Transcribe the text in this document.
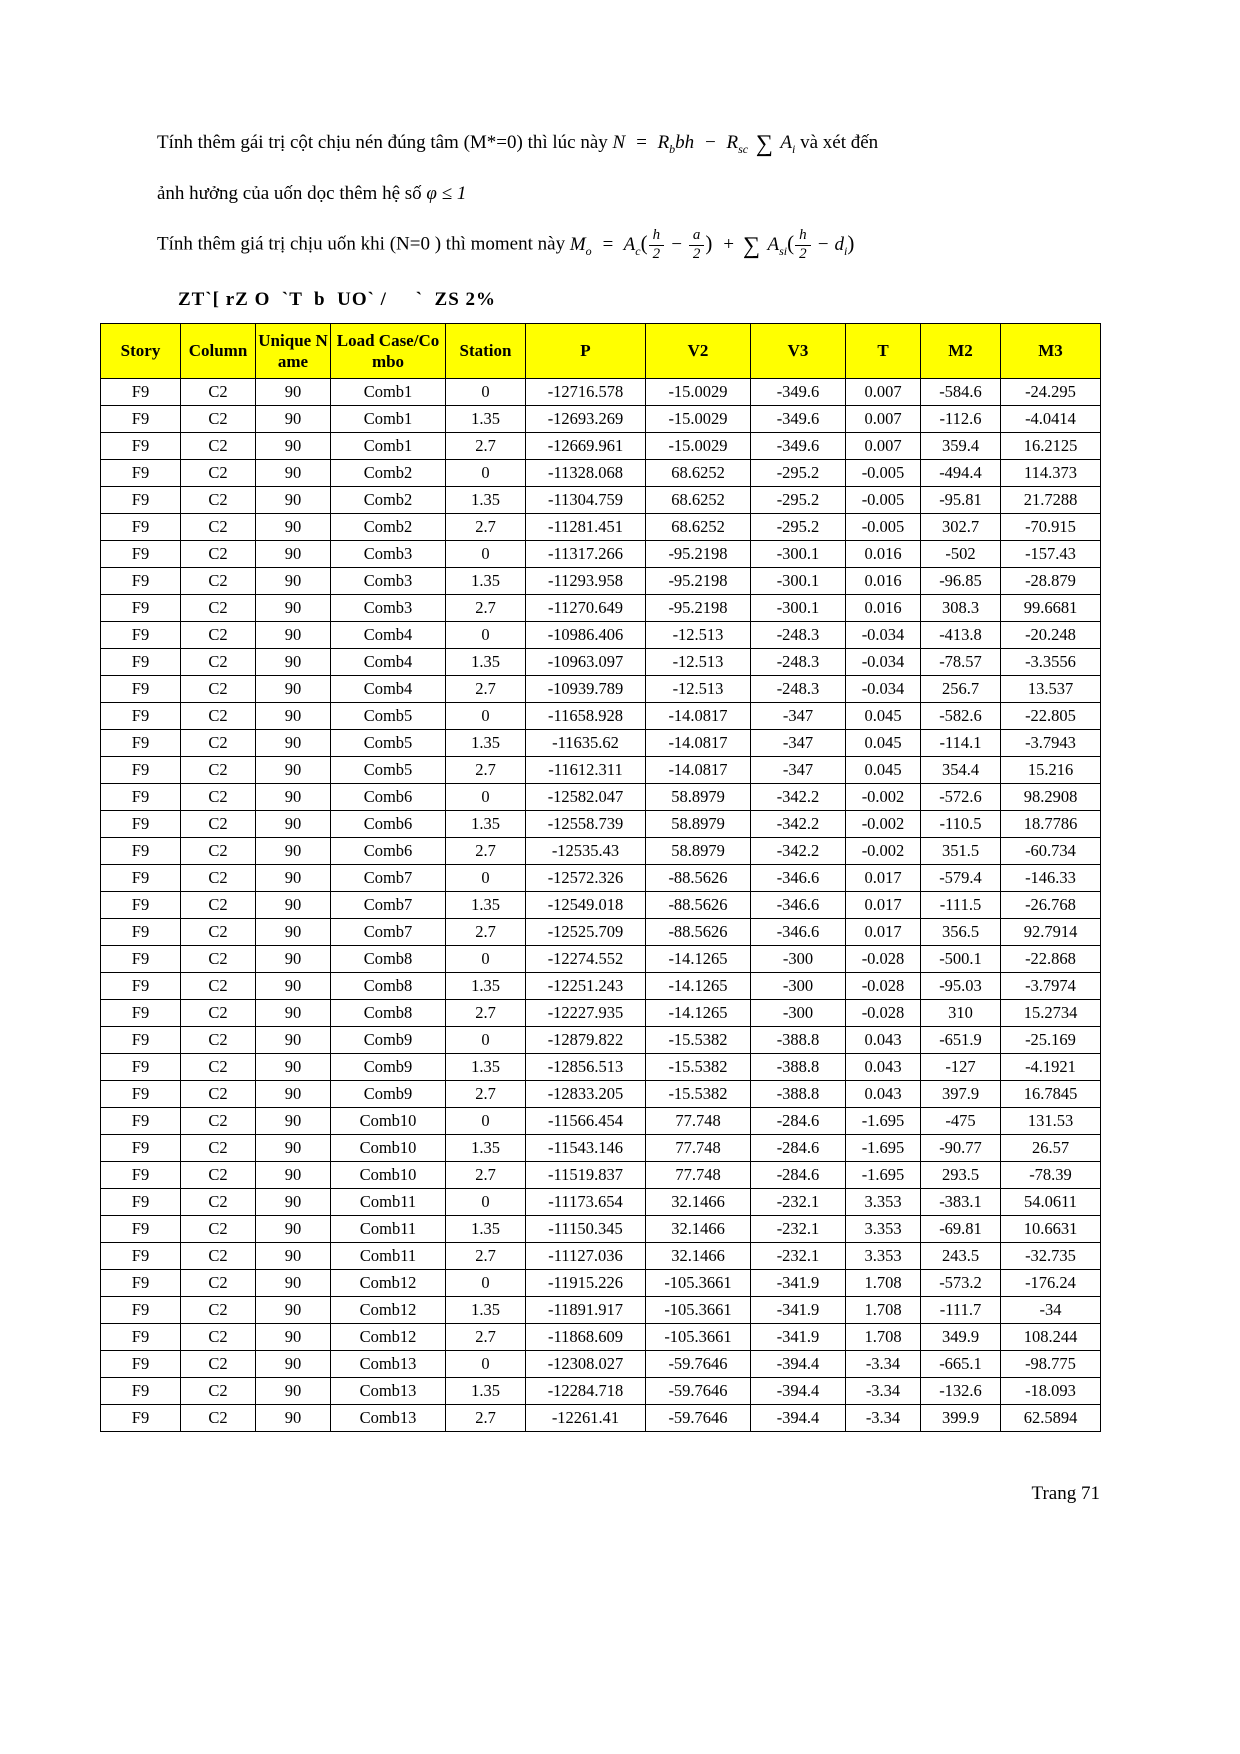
Tính thêm gái trị cột chịu nén đúng tâm (M*=0) thì lúc này $N = R_bbh - R_{sc}$ ∑ $A_i$ và xét đến

ảnh hưởng của uốn dọc thêm hệ số φ ≤ 1

Tính thêm giá trị chịu uốn khi (N=0 ) thì moment này $M_o = A_c( \frac{h}{2} - \frac{a}{2}$ ) + ∑ $A_{si}( \frac{h}{2} - d_i)$

ZT`[ rZ O  `T  b  UO` /     `  ZS 2%

Story	Column	Unique Name	Load Case/Combo	Station	P	V2	V3	T	M2	M3
F9	C2	90	Comb1	0	-12716.578	-15.0029	-349.6	0.007	-584.6	-24.295
F9	C2	90	Comb1	1.35	-12693.269	-15.0029	-349.6	0.007	-112.6	-4.0414
F9	C2	90	Comb1	2.7	-12669.961	-15.0029	-349.6	0.007	359.4	16.2125
F9	C2	90	Comb2	0	-11328.068	68.6252	-295.2	-0.005	-494.4	114.373
F9	C2	90	Comb2	1.35	-11304.759	68.6252	-295.2	-0.005	-95.81	21.7288
F9	C2	90	Comb2	2.7	-11281.451	68.6252	-295.2	-0.005	302.7	-70.915
F9	C2	90	Comb3	0	-11317.266	-95.2198	-300.1	0.016	-502	-157.43
F9	C2	90	Comb3	1.35	-11293.958	-95.2198	-300.1	0.016	-96.85	-28.879
F9	C2	90	Comb3	2.7	-11270.649	-95.2198	-300.1	0.016	308.3	99.6681
F9	C2	90	Comb4	0	-10986.406	-12.513	-248.3	-0.034	-413.8	-20.248
F9	C2	90	Comb4	1.35	-10963.097	-12.513	-248.3	-0.034	-78.57	-3.3556
F9	C2	90	Comb4	2.7	-10939.789	-12.513	-248.3	-0.034	256.7	13.537
F9	C2	90	Comb5	0	-11658.928	-14.0817	-347	0.045	-582.6	-22.805
F9	C2	90	Comb5	1.35	-11635.62	-14.0817	-347	0.045	-114.1	-3.7943
F9	C2	90	Comb5	2.7	-11612.311	-14.0817	-347	0.045	354.4	15.216
F9	C2	90	Comb6	0	-12582.047	58.8979	-342.2	-0.002	-572.6	98.2908
F9	C2	90	Comb6	1.35	-12558.739	58.8979	-342.2	-0.002	-110.5	18.7786
F9	C2	90	Comb6	2.7	-12535.43	58.8979	-342.2	-0.002	351.5	-60.734
F9	C2	90	Comb7	0	-12572.326	-88.5626	-346.6	0.017	-579.4	-146.33
F9	C2	90	Comb7	1.35	-12549.018	-88.5626	-346.6	0.017	-111.5	-26.768
F9	C2	90	Comb7	2.7	-12525.709	-88.5626	-346.6	0.017	356.5	92.7914
F9	C2	90	Comb8	0	-12274.552	-14.1265	-300	-0.028	-500.1	-22.868
F9	C2	90	Comb8	1.35	-12251.243	-14.1265	-300	-0.028	-95.03	-3.7974
F9	C2	90	Comb8	2.7	-12227.935	-14.1265	-300	-0.028	310	15.2734
F9	C2	90	Comb9	0	-12879.822	-15.5382	-388.8	0.043	-651.9	-25.169
F9	C2	90	Comb9	1.35	-12856.513	-15.5382	-388.8	0.043	-127	-4.1921
F9	C2	90	Comb9	2.7	-12833.205	-15.5382	-388.8	0.043	397.9	16.7845
F9	C2	90	Comb10	0	-11566.454	77.748	-284.6	-1.695	-475	131.53
F9	C2	90	Comb10	1.35	-11543.146	77.748	-284.6	-1.695	-90.77	26.57
F9	C2	90	Comb10	2.7	-11519.837	77.748	-284.6	-1.695	293.5	-78.39
F9	C2	90	Comb11	0	-11173.654	32.1466	-232.1	3.353	-383.1	54.0611
F9	C2	90	Comb11	1.35	-11150.345	32.1466	-232.1	3.353	-69.81	10.6631
F9	C2	90	Comb11	2.7	-11127.036	32.1466	-232.1	3.353	243.5	-32.735
F9	C2	90	Comb12	0	-11915.226	-105.3661	-341.9	1.708	-573.2	-176.24
F9	C2	90	Comb12	1.35	-11891.917	-105.3661	-341.9	1.708	-111.7	-34
F9	C2	90	Comb12	2.7	-11868.609	-105.3661	-341.9	1.708	349.9	108.244
F9	C2	90	Comb13	0	-12308.027	-59.7646	-394.4	-3.34	-665.1	-98.775
F9	C2	90	Comb13	1.35	-12284.718	-59.7646	-394.4	-3.34	-132.6	-18.093
F9	C2	90	Comb13	2.7	-12261.41	-59.7646	-394.4	-3.34	399.9	62.5894
Trang 71
